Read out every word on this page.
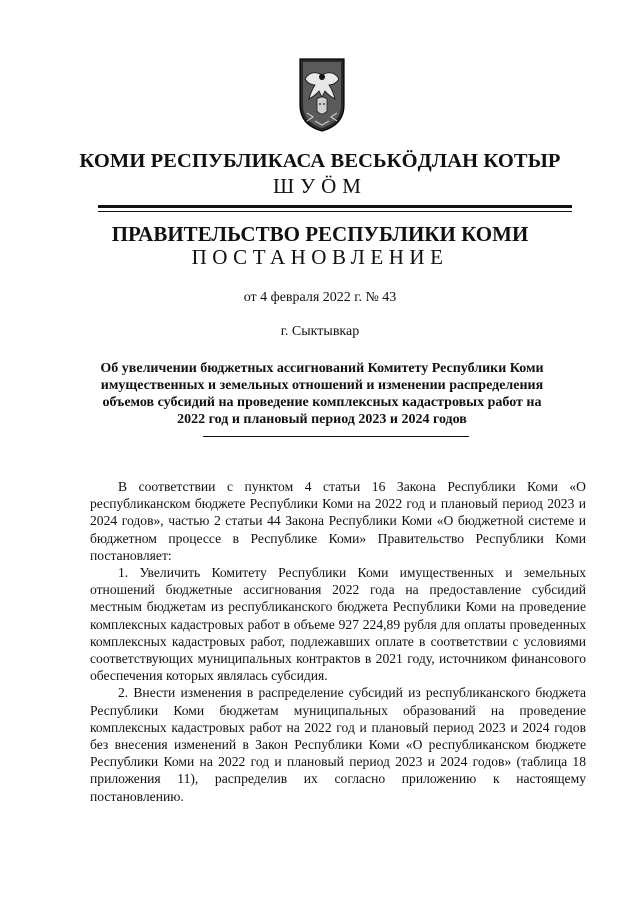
КОМИ РЕСПУБЛИКАСА ВЕСЬКӦДЛАН КОТЫР
ШУӦМ
ПРАВИТЕЛЬСТВО РЕСПУБЛИКИ КОМИ
ПОСТАНОВЛЕНИЕ
от 4 февраля 2022 г. № 43
г. Сыктывкар
Об увеличении бюджетных ассигнований Комитету Республики Коми имущественных и земельных отношений и изменении распределения объемов субсидий на проведение комплексных кадастровых работ на 2022 год и плановый период 2023 и 2024 годов

В соответствии с пунктом 4 статьи 16 Закона Республики Коми «О республиканском бюджете Республики Коми на 2022 год и плановый период 2023 и 2024 годов», частью 2 статьи 44 Закона Республики Коми «О бюджетной системе и бюджетном процессе в Республике Коми» Правительство Республики Коми постановляет:

1. Увеличить Комитету Республики Коми имущественных и земельных отношений бюджетные ассигнования 2022 года на предоставление субсидий местным бюджетам из республиканского бюджета Республики Коми на проведение комплексных кадастровых работ в объеме 927 224,89 рубля для оплаты проведенных комплексных кадастровых работ, подлежавших оплате в соответствии с условиями соответствующих муниципальных контрактов в 2021 году, источником финансового обеспечения которых являлась субсидия.

2. Внести изменения в распределение субсидий из республиканского бюджета Республики Коми бюджетам муниципальных образований на проведение комплексных кадастровых работ на 2022 год и плановый период 2023 и 2024 годов без внесения изменений в Закон Республики Коми «О республиканском бюджете Республики Коми на 2022 год и плановый период 2023 и 2024 годов» (таблица 18 приложения 11), распределив их согласно приложению к настоящему постановлению.
